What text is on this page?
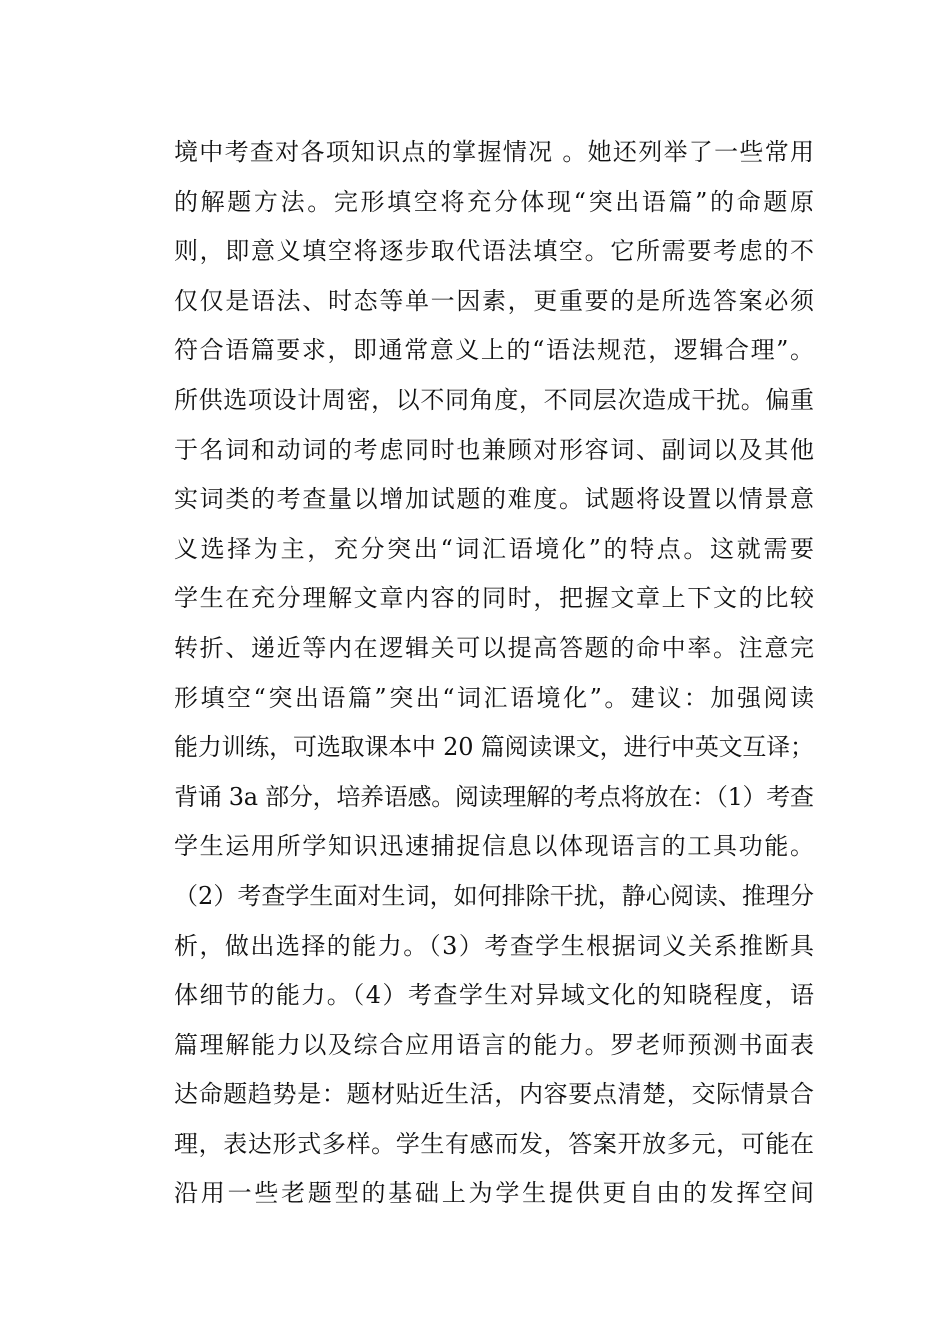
境中考查对各项知识点的掌握情况 。她还列举了一些常用
的解题方法。完形填空将充分体现“突出语篇”的命题原
则，即意义填空将逐步取代语法填空。它所需要考虑的不
仅仅是语法、时态等单一因素，更重要的是所选答案必须
符合语篇要求，即通常意义上的“语法规范，逻辑合理”。
所供选项设计周密，以不同角度，不同层次造成干扰。偏重
于名词和动词的考虑同时也兼顾对形容词、副词以及其他
实词类的考查量以增加试题的难度。试题将设置以情景意
义选择为主，充分突出“词汇语境化”的特点。这就需要
学生在充分理解文章内容的同时，把握文章上下文的比较
转折、递近等内在逻辑关可以提高答题的命中率。注意完
形填空“突出语篇”突出“词汇语境化”。建议：加强阅读
能力训练，可选取课本中 20 篇阅读课文，进行中英文互译；
背诵 3a 部分，培养语感。阅读理解的考点将放在：（1）考查
学生运用所学知识迅速捕捉信息以体现语言的工具功能。
（2）考查学生面对生词，如何排除干扰，静心阅读、推理分
析，做出选择的能力。（3）考查学生根据词义关系推断具
体细节的能力。（4）考查学生对异域文化的知晓程度，语
篇理解能力以及综合应用语言的能力。罗老师预测书面表
达命题趋势是：题材贴近生活，内容要点清楚，交际情景合
理，表达形式多样。学生有感而发，答案开放多元，可能在
沿用一些老题型的基础上为学生提供更自由的发挥空间
